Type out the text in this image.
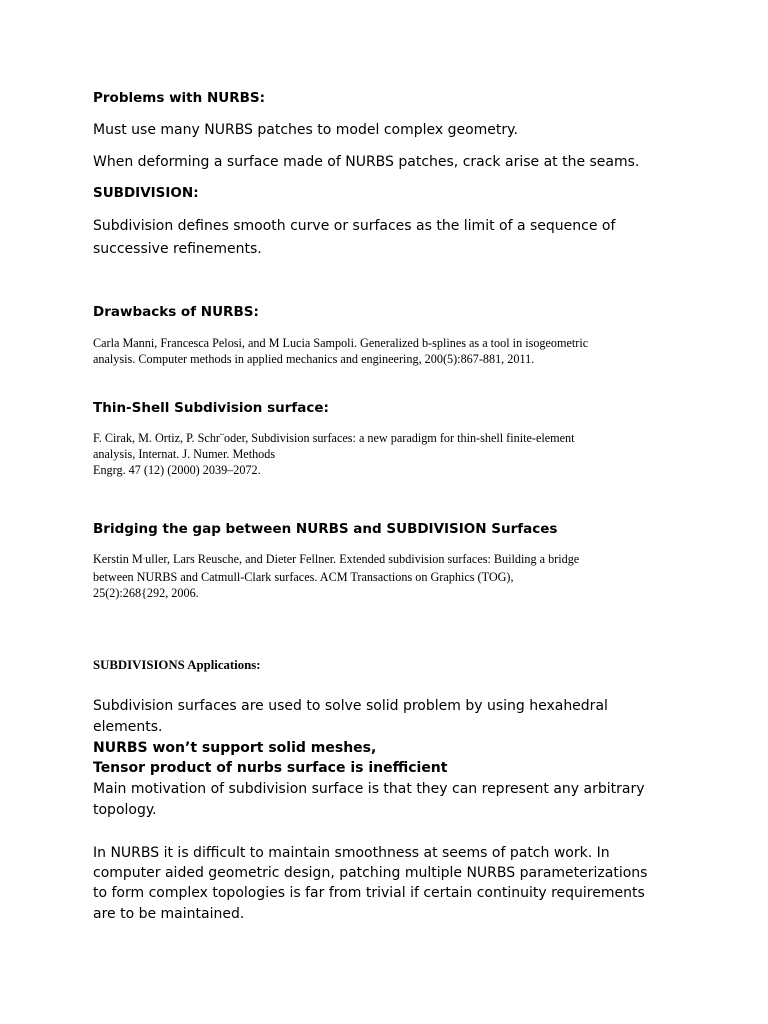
Problems with NURBS:

Must use many NURBS patches to model complex geometry.

When deforming a surface made of NURBS patches, crack arise at the seams.

SUBDIVISION:

Subdivision defines smooth curve or surfaces as the limit of a sequence of

successive refinements.

Drawbacks of NURBS:
Carla Manni, Francesca Pelosi, and M Lucia Sampoli. Generalized b-splines as a tool in isogeometric
analysis. Computer methods in applied mechanics and engineering, 200(5):867-881, 2011.
Thin-Shell Subdivision surface:
F. Cirak, M. Ortiz, P. Schr¨oder, Subdivision surfaces: a new paradigm for thin-shell finite-element
analysis, Internat. J. Numer. Methods
Engrg. 47 (12) (2000) 2039–2072.
Bridging the gap between NURBS and SUBDIVISION Surfaces
Kerstin M¨uller, Lars Reusche, and Dieter Fellner. Extended subdivision surfaces: Building a bridge
between NURBS and Catmull-Clark surfaces. ACM Transactions on Graphics (TOG),
25(2):268{292, 2006.
SUBDIVISIONS Applications:

Subdivision surfaces are used to solve solid problem by using hexahedral

elements.

NURBS won’t support solid meshes,

Tensor product of nurbs surface is inefficient

Main motivation of subdivision surface is that they can represent any arbitrary

topology.

In NURBS it is difficult to maintain smoothness at seems of patch work. In

computer aided geometric design, patching multiple NURBS parameterizations

to form complex topologies is far from trivial if certain continuity requirements

are to be maintained.
